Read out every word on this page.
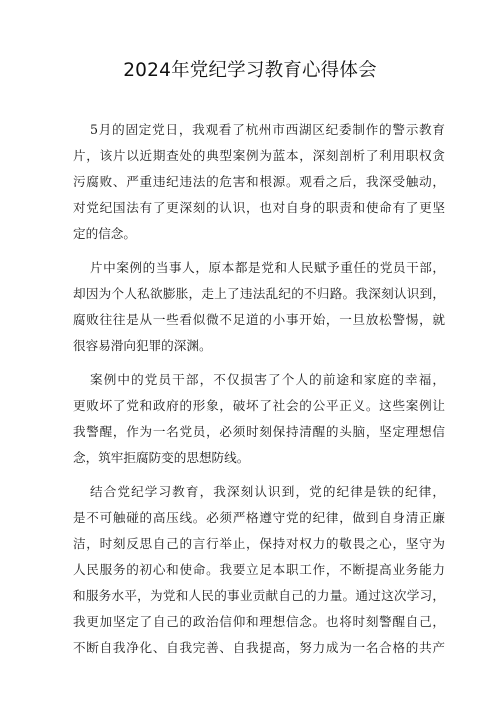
2024年党纪学习教育心得体会
5月的固定党日，我观看了杭州市西湖区纪委制作的警示教育
片，该片以近期查处的典型案例为蓝本，深刻剖析了利用职权贪
污腐败、严重违纪违法的危害和根源。观看之后，我深受触动，
对党纪国法有了更深刻的认识，也对自身的职责和使命有了更坚
定的信念。
片中案例的当事人，原本都是党和人民赋予重任的党员干部，
却因为个人私欲膨胀，走上了违法乱纪的不归路。我深刻认识到，
腐败往往是从一些看似微不足道的小事开始，一旦放松警惕，就
很容易滑向犯罪的深渊。
案例中的党员干部，不仅损害了个人的前途和家庭的幸福，
更败坏了党和政府的形象，破坏了社会的公平正义。这些案例让
我警醒，作为一名党员，必须时刻保持清醒的头脑，坚定理想信
念，筑牢拒腐防变的思想防线。
结合党纪学习教育，我深刻认识到，党的纪律是铁的纪律，
是不可触碰的高压线。必须严格遵守党的纪律，做到自身清正廉
洁，时刻反思自己的言行举止，保持对权力的敬畏之心，坚守为
人民服务的初心和使命。我要立足本职工作，不断提高业务能力
和服务水平，为党和人民的事业贡献自己的力量。通过这次学习，
我更加坚定了自己的政治信仰和理想信念。也将时刻警醒自己，
不断自我净化、自我完善、自我提高，努力成为一名合格的共产
